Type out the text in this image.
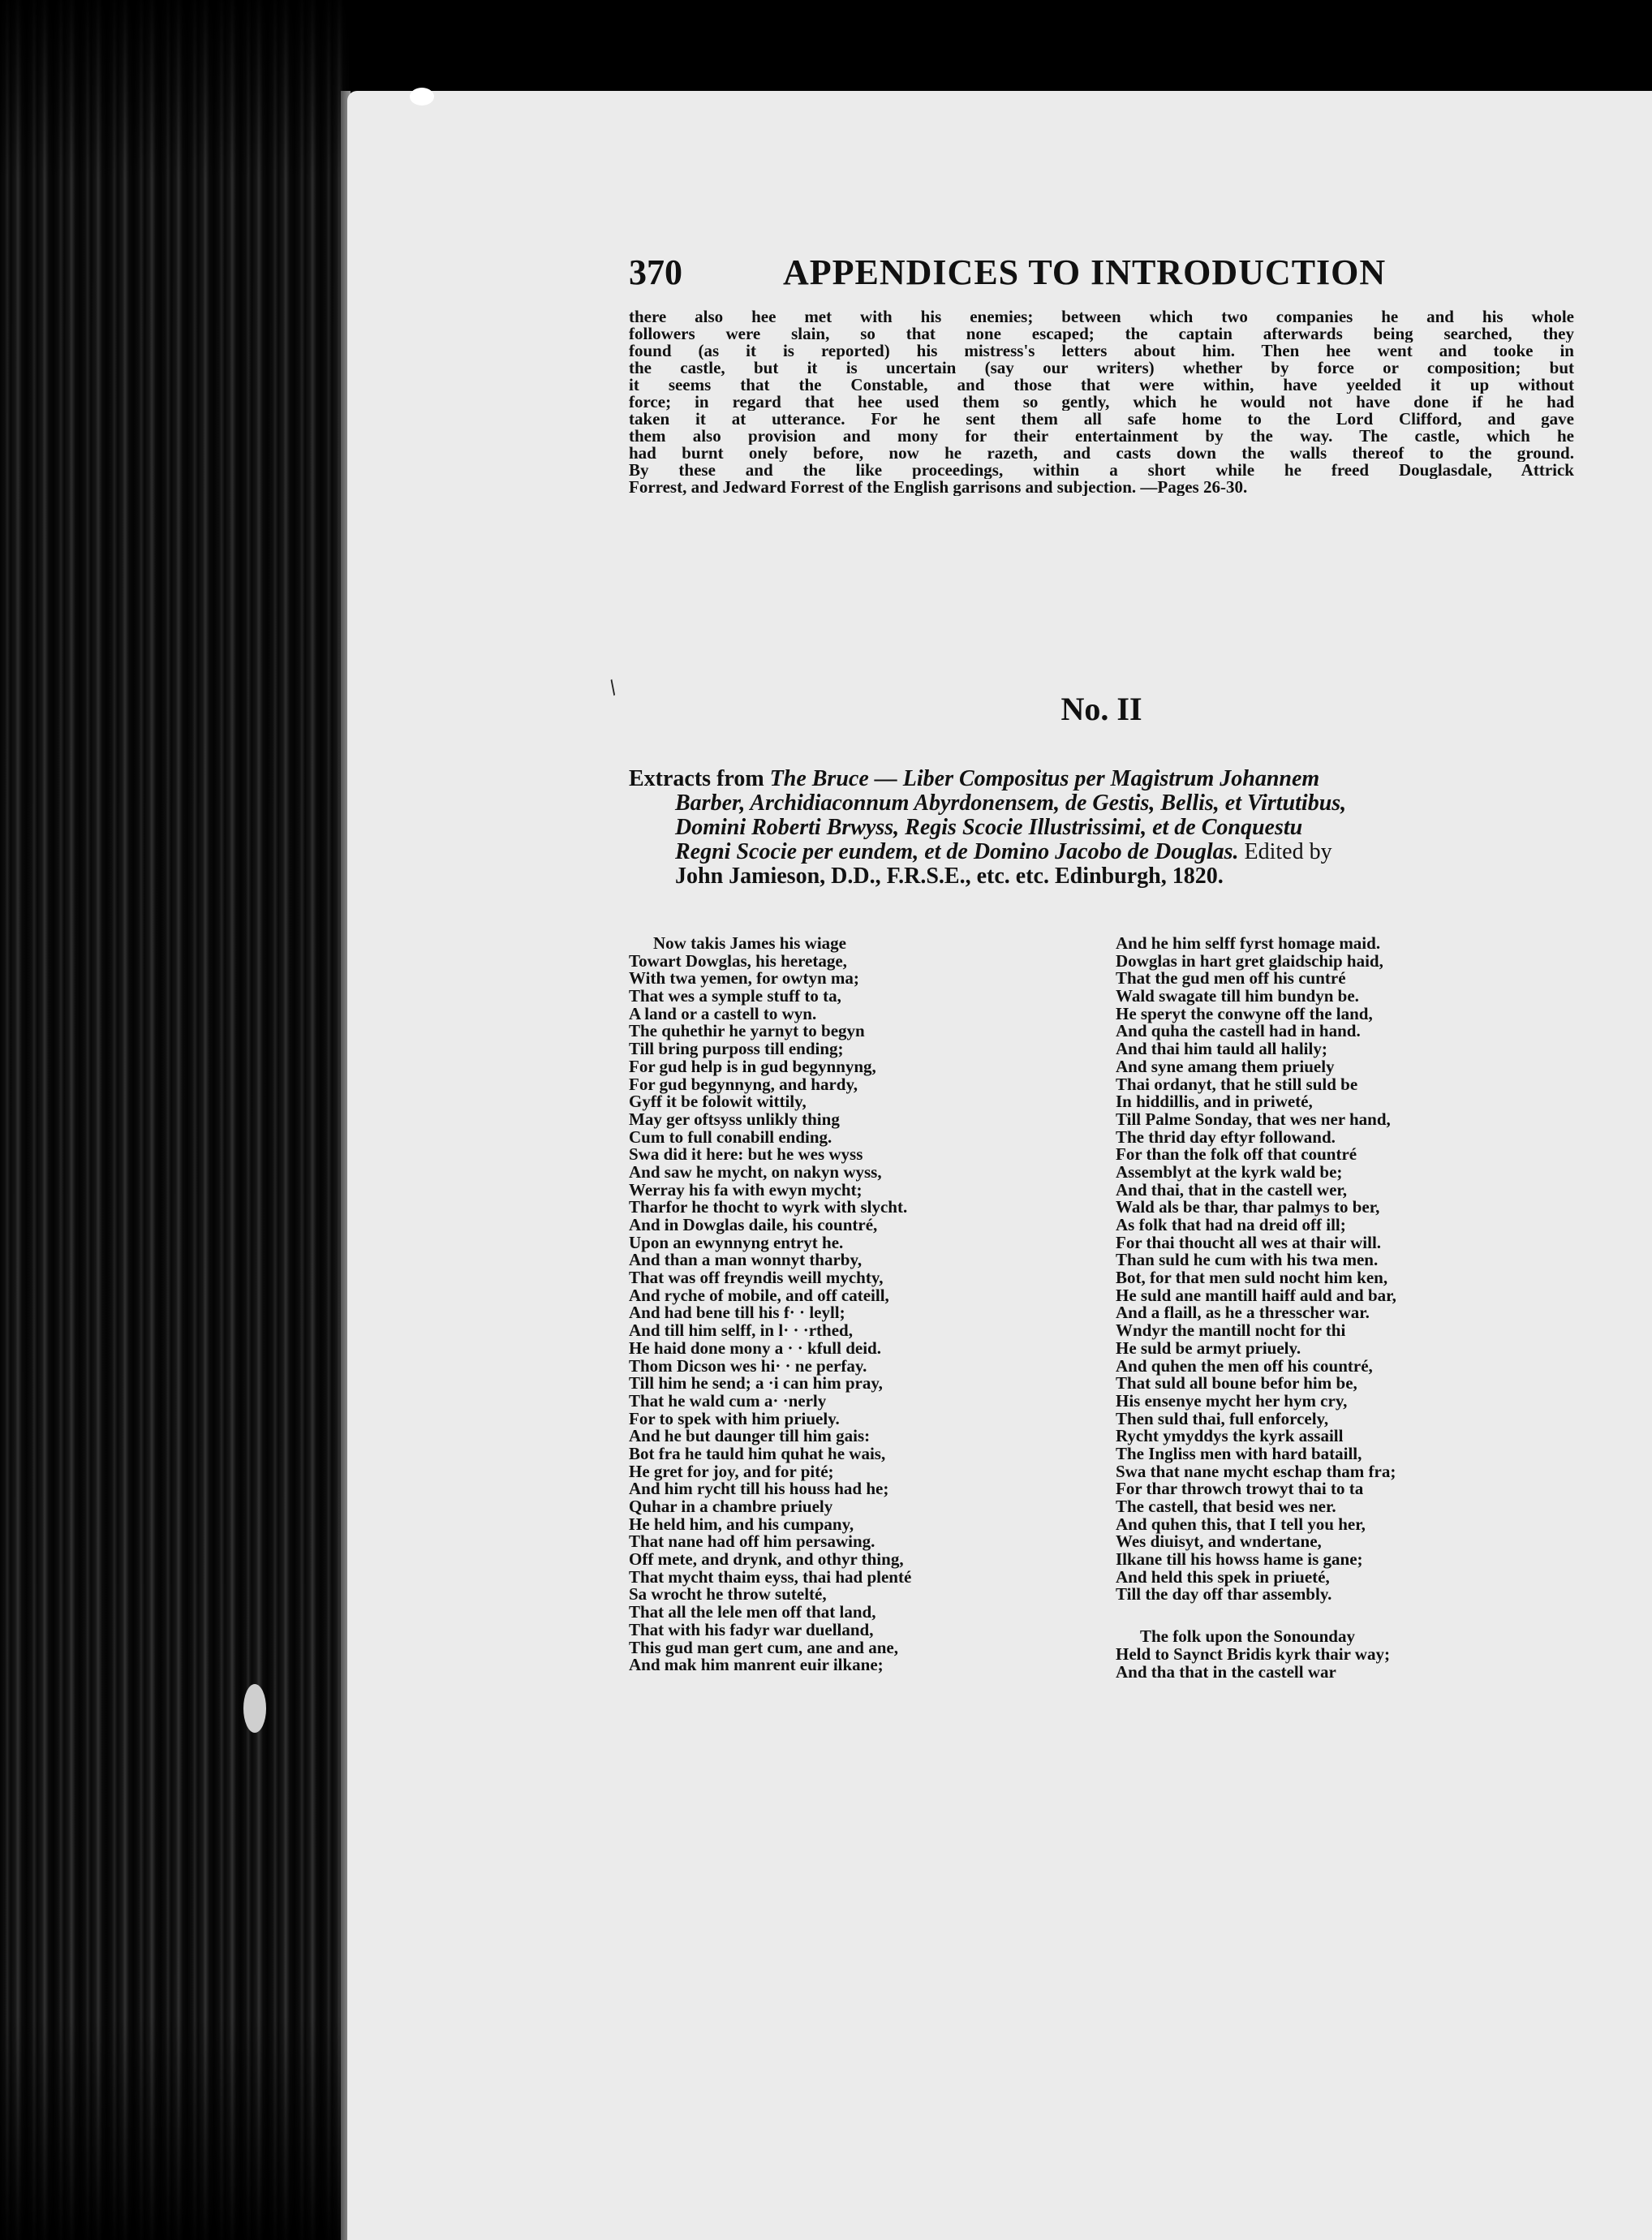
/
370	APPENDICES TO INTRODUCTION
there also hee met with his enemies; between which two companies he and his whole
followers were slain, so that none escaped; the captain afterwards being searched, they
found (as it is reported) his mistress's letters about him. Then hee went and tooke in
the castle, but it is uncertain (say our writers) whether by force or composition; but
it seems that the Constable, and those that were within, have yeelded it up without
force; in regard that hee used them so gently, which he would not have done if he had
taken it at utterance. For he sent them all safe home to the Lord Clifford, and gave
them also provision and mony for their entertainment by the way. The castle, which he
had burnt onely before, now he razeth, and casts down the walls thereof to the ground.
By these and the like proceedings, within a short while he freed Douglasdale, Attrick
Forrest, and Jedward Forrest of the English garrisons and subjection. —Pages 26-30.
No. II
Extracts from The Bruce — Liber Compositus per Magistrum Johannem
Barber, Archidiaconnum Abyrdonensem, de Gestis, Bellis, et Virtutibus,
Domini Roberti Brwyss, Regis Scocie Illustrissimi, et de Conquestu
Regni Scocie per eundem, et de Domino Jacobo de Douglas. Edited by
John Jamieson, D.D., F.R.S.E., etc. etc. Edinburgh, 1820.
Now takis James his wiage
Towart Dowglas, his heretage,
With twa yemen, for owtyn ma;
That wes a symple stuff to ta,
A land or a castell to wyn.
The quhethir he yarnyt to begyn
Till bring purposs till ending;
For gud help is in gud begynnyng,
For gud begynnyng, and hardy,
Gyff it be folowit wittily,
May ger oftsyss unlikly thing
Cum to full conabill ending.
Swa did it here: but he wes wyss
And saw he mycht, on nakyn wyss,
Werray his fa with ewyn mycht;
Tharfor he thocht to wyrk with slycht.
And in Dowglas daile, his countré,
Upon an ewynnyng entryt he.
And than a man wonnyt tharby,
That was off freyndis weill mychty,
And ryche of mobile, and off cateill,
And had bene till his f· · leyll;
And till him selff, in l· · ·rthed,
He haid done mony a · · kfull deid.
Thom Dicson wes hi· · ne perfay.
Till him he send; a ·i can him pray,
That he wald cum a· ·nerly
For to spek with him priuely.
And he but daunger till him gais:
Bot fra he tauld him quhat he wais,
He gret for joy, and for pité;
And him rycht till his houss had he;
Quhar in a chambre priuely
He held him, and his cumpany,
That nane had off him persawing.
Off mete, and drynk, and othyr thing,
That mycht thaim eyss, thai had plenté
Sa wrocht he throw sutelté,
That all the lele men off that land,
That with his fadyr war duelland,
This gud man gert cum, ane and ane,
And mak him manrent euir ilkane;
And he him selff fyrst homage maid.
Dowglas in hart gret glaidschip haid,
That the gud men off his cuntré
Wald swagate till him bundyn be.
He speryt the conwyne off the land,
And quha the castell had in hand.
And thai him tauld all halily;
And syne amang them priuely
Thai ordanyt, that he still suld be
In hiddillis, and in priweté,
Till Palme Sonday, that wes ner hand,
The thrid day eftyr followand.
For than the folk off that countré
Assemblyt at the kyrk wald be;
And thai, that in the castell wer,
Wald als be thar, thar palmys to ber,
As folk that had na dreid off ill;
For thai thoucht all wes at thair will.
Than suld he cum with his twa men.
Bot, for that men suld nocht him ken,
He suld ane mantill haiff auld and bar,
And a flaill, as he a thresscher war.
Wndyr the mantill nocht for thi
He suld be armyt priuely.
And quhen the men off his countré,
That suld all boune befor him be,
His ensenye mycht her hym cry,
Then suld thai, full enforcely,
Rycht ymyddys the kyrk assaill
The Ingliss men with hard bataill,
Swa that nane mycht eschap tham fra;
For thar throwch trowyt thai to ta
The castell, that besid wes ner.
And quhen this, that I tell you her,
Wes diuisyt, and wndertane,
Ilkane till his howss hame is gane;
And held this spek in priueté,
Till the day off thar assembly.
The folk upon the Sonounday
Held to Saynct Bridis kyrk thair way;
And tha that in the castell war
